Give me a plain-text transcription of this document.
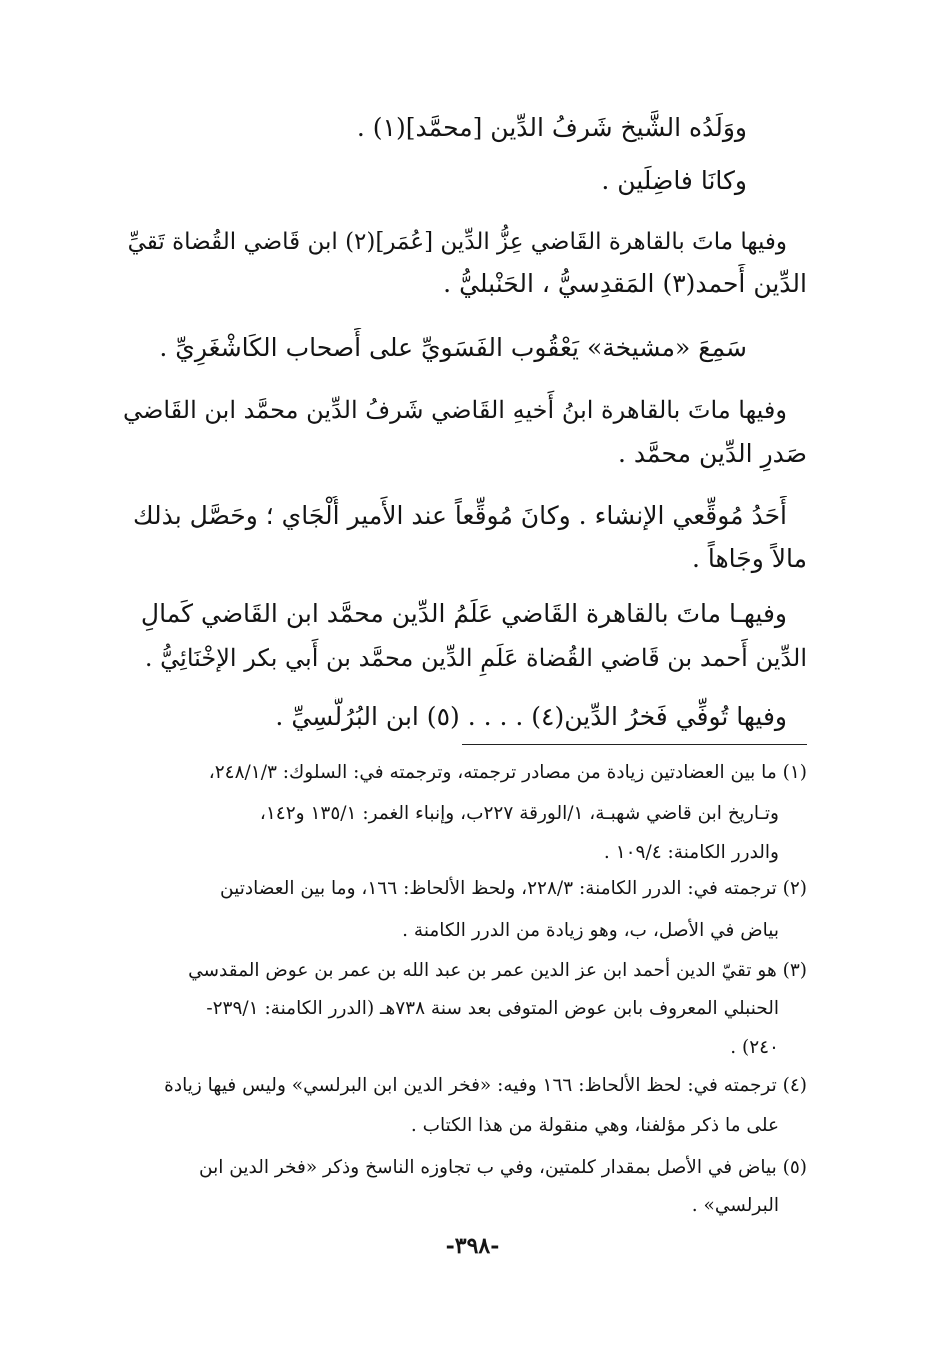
ووَلَدُه الشَّيخ شَرفُ الدِّين [محمَّد](١) .
وكانَا فاضِلَين .
وفيها ماتَ بالقاهرة القَاضي عِزُّ الدِّين [عُمَر](٢) ابن قَاضي القُضاة تَقيِّ
الدِّين أَحمد(٣) المَقدِسيُّ ، الحَنْبليُّ .
سَمِعَ «مشيخة» يَعْقُوب الفَسَويِّ على أَصحاب الكَاشْغَرِيِّ .
وفيها ماتَ بالقاهرة ابنُ أَخيهِ القَاضي شَرفُ الدِّين محمَّد ابن القَاضي
صَدرِ الدِّين محمَّد .
أَحَدُ مُوقِّعي الإنشاء . وكانَ مُوقِّعاً عند الأَمير أُلْجَاي ؛ وحَصَّل بذلك
مالاً وجَاهاً .
وفيهـا ماتَ بالقاهرة القَاضي عَلَمُ الدِّين محمَّد ابن القَاضي كَمالِ
الدِّين أَحمد بن قَاضي القُضاة عَلَمِ الدِّين محمَّد بن أَبي بكر الإخْنَائِيُّ .
وفيها تُوفِّي فَخرُ الدِّين(٤) . . . . (٥) ابن البُرُلُّسِيِّ .
(١) ما بين العضادتين زيادة من مصادر ترجمته، وترجمته في: السلوك: ٢٤٨/١/٣،
وتـاريخ ابن قاضي شهبـة، ١/الورقة ٢٢٧ب، وإنباء الغمر: ١٣٥/١ و١٤٢،
والدرر الكامنة: ١٠٩/٤ .
(٢) ترجمته في: الدرر الكامنة: ٢٢٨/٣، ولحظ الألحاظ: ١٦٦، وما بين العضادتين
بياض في الأصل، ب، وهو زيادة من الدرر الكامنة .
(٣) هو تقيّ الدين أحمد ابن عز الدين عمر بن عبد الله بن عمر بن عوض المقدسي
الحنبلي المعروف بابن عوض المتوفى بعد سنة ٧٣٨هـ (الدرر الكامنة: ٢٣٩/١-
٢٤٠) .
(٤) ترجمته في: لحظ الألحاظ: ١٦٦ وفيه: «فخر الدين ابن البرلسي» وليس فيها زيادة
على ما ذكر مؤلفنا، وهي منقولة من هذا الكتاب .
(٥) بياض في الأصل بمقدار كلمتين، وفي ب تجاوزه الناسخ وذكر «فخر الدين ابن
البرلسي» .
-٣٩٨-
